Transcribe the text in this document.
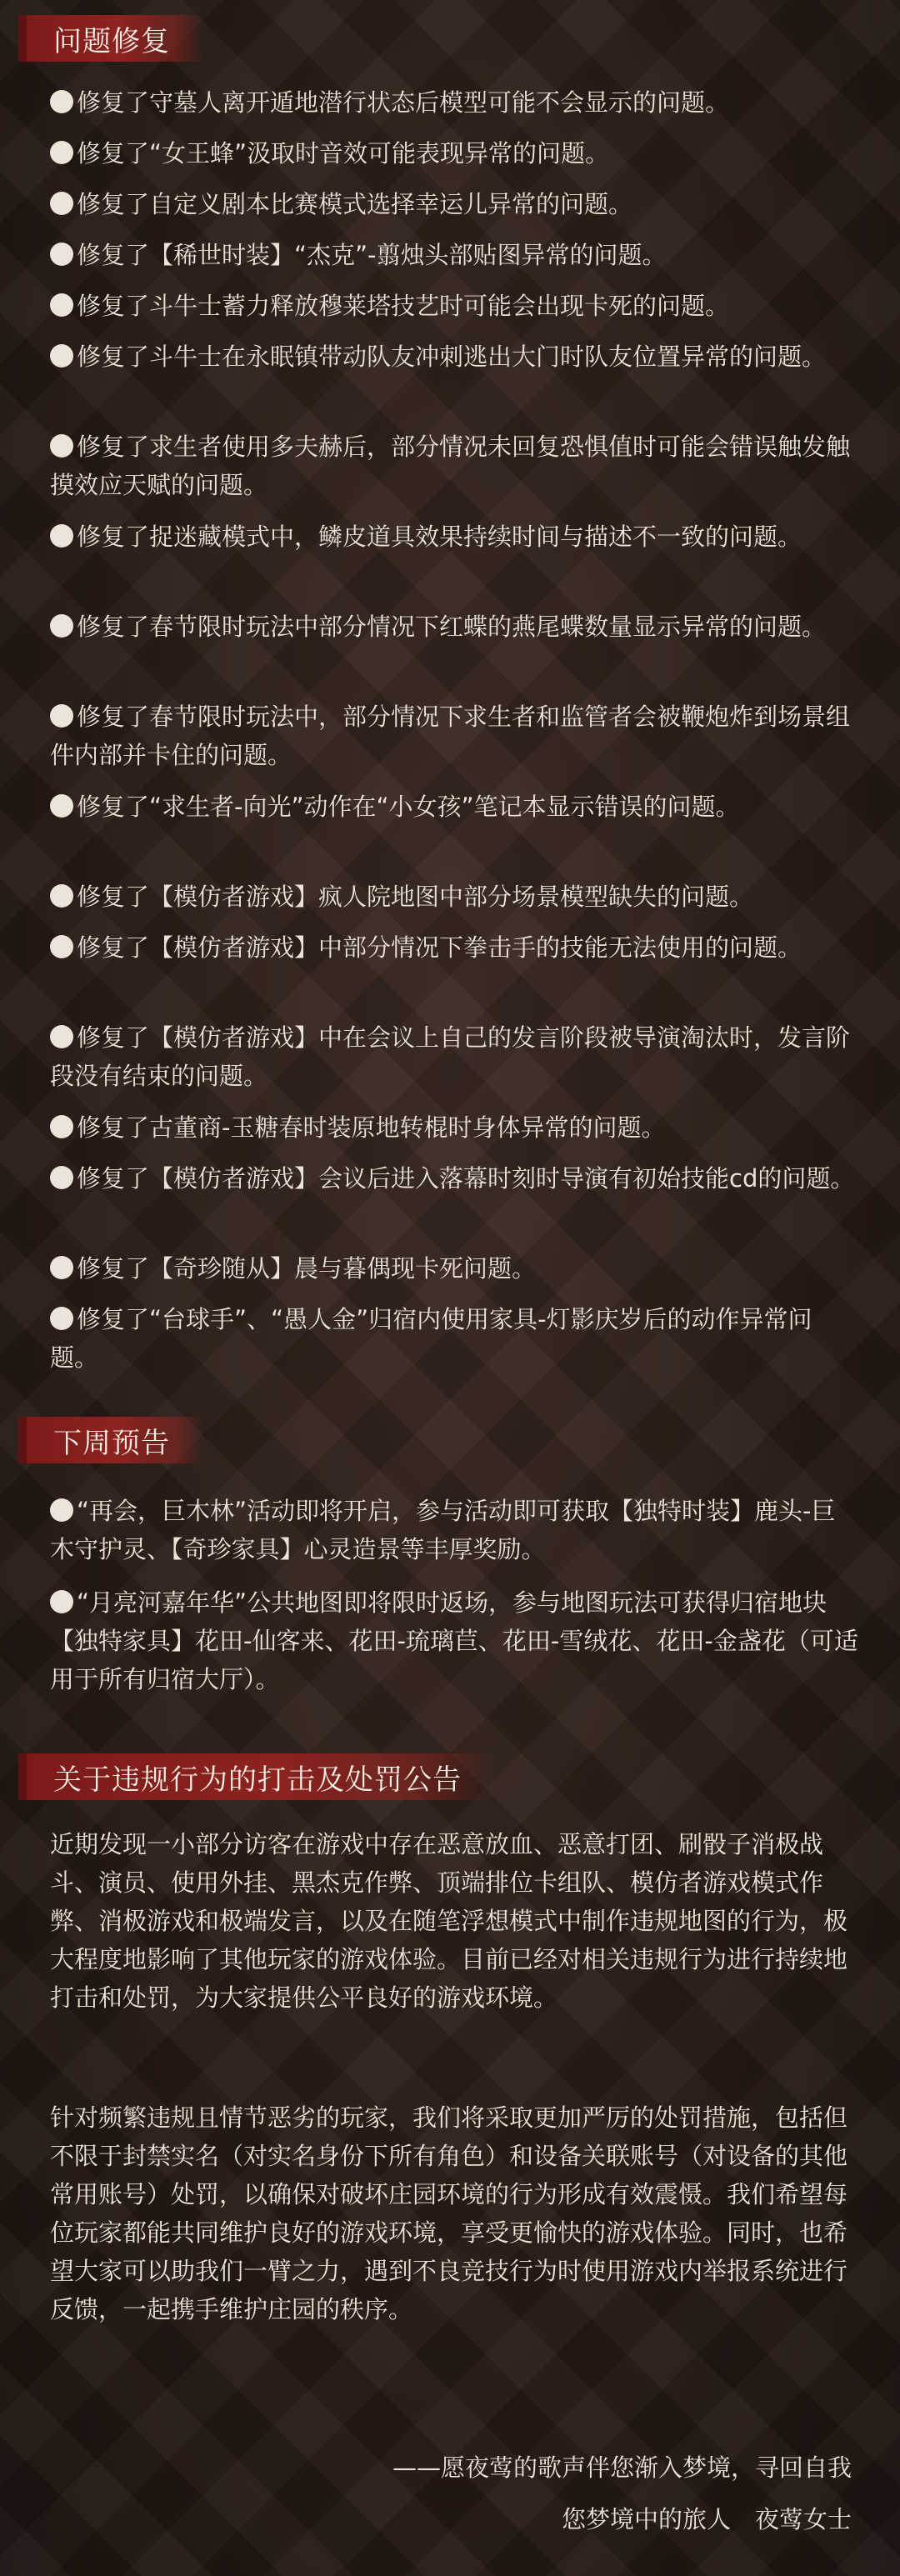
问题修复
修复了守墓人离开遁地潜行状态后模型可能不会显示的问题。
修复了“女王蜂”汲取时音效可能表现异常的问题。
修复了自定义剧本比赛模式选择幸运儿异常的问题。
修复了【稀世时装】“杰克”-翦烛头部贴图异常的问题。
修复了斗牛士蓄力释放穆莱塔技艺时可能会出现卡死的问题。
修复了斗牛士在永眠镇带动队友冲刺逃出大门时队友位置异常的问题。
修复了求生者使用多夫赫后，部分情况未回复恐惧值时可能会错误触发触摸效应天赋的问题。
修复了捉迷藏模式中，鳞皮道具效果持续时间与描述不一致的问题。
修复了春节限时玩法中部分情况下红蝶的燕尾蝶数量显示异常的问题。
修复了春节限时玩法中，部分情况下求生者和监管者会被鞭炮炸到场景组件内部并卡住的问题。
修复了“求生者-向光”动作在“小女孩”笔记本显示错误的问题。
修复了【模仿者游戏】疯人院地图中部分场景模型缺失的问题。
修复了【模仿者游戏】中部分情况下拳击手的技能无法使用的问题。
修复了【模仿者游戏】中在会议上自己的发言阶段被导演淘汰时，发言阶段没有结束的问题。
修复了古董商-玉糖春时装原地转棍时身体异常的问题。
修复了【模仿者游戏】会议后进入落幕时刻时导演有初始技能cd的问题。
修复了【奇珍随从】晨与暮偶现卡死问题。
修复了“台球手”、“愚人金”归宿内使用家具-灯影庆岁后的动作异常问题。
下周预告
“再会，巨木林”活动即将开启，参与活动即可获取【独特时装】鹿头-巨木守护灵、【奇珍家具】心灵造景等丰厚奖励。
“月亮河嘉年华”公共地图即将限时返场，参与地图玩法可获得归宿地块【独特家具】花田-仙客来、花田-琉璃苣、花田-雪绒花、花田-金盏花（可适用于所有归宿大厅）。
关于违规行为的打击及处罚公告
近期发现一小部分访客在游戏中存在恶意放血、恶意打团、刷骰子消极战斗、演员、使用外挂、黑杰克作弊、顶端排位卡组队、模仿者游戏模式作弊、消极游戏和极端发言，以及在随笔浮想模式中制作违规地图的行为，极大程度地影响了其他玩家的游戏体验。目前已经对相关违规行为进行持续地打击和处罚，为大家提供公平良好的游戏环境。
针对频繁违规且情节恶劣的玩家，我们将采取更加严厉的处罚措施，包括但不限于封禁实名（对实名身份下所有角色）和设备关联账号（对设备的其他常用账号）处罚，以确保对破坏庄园环境的行为形成有效震慑。我们希望每位玩家都能共同维护良好的游戏环境，享受更愉快的游戏体验。同时，也希望大家可以助我们一臂之力，遇到不良竞技行为时使用游戏内举报系统进行反馈，一起携手维护庄园的秩序。
——愿夜莺的歌声伴您渐入梦境，寻回自我
您梦境中的旅人　夜莺女士
